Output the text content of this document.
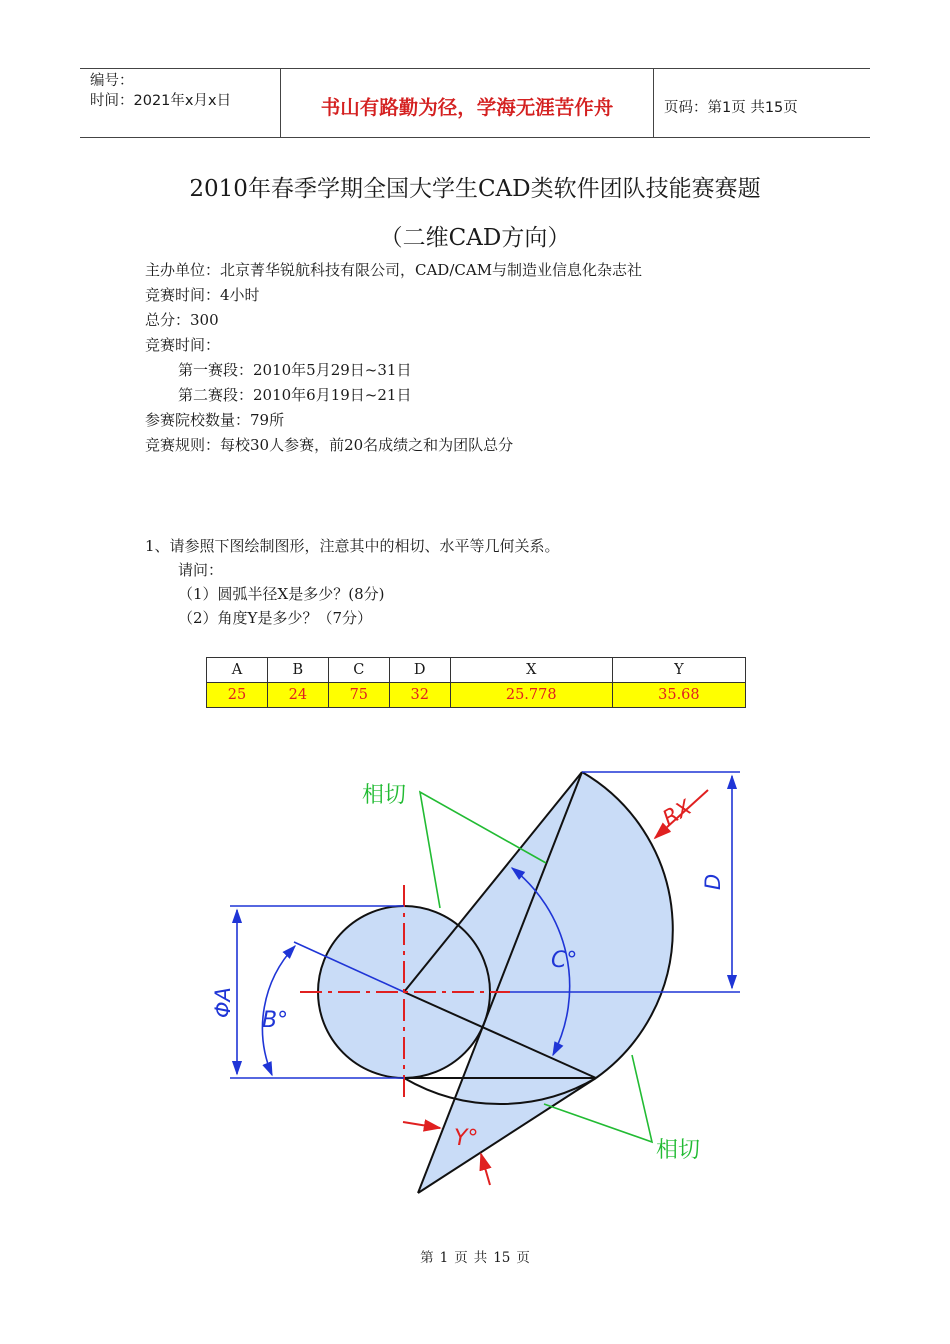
编号：
时间：2021年x月x日	书山有路勤为径，学海无涯苦作舟	页码：第1页 共15页
2010年春季学期全国大学生CAD类软件团队技能赛赛题
（二维CAD方向）
主办单位：北京菁华锐航科技有限公司，CAD/CAM与制造业信息化杂志社
竞赛时间：4小时
总分：300
竞赛时间：
第一赛段：2010年5月29日~31日
第二赛段：2010年6月19日~21日
参赛院校数量：79所
竞赛规则：每校30人参赛，前20名成绩之和为团队总分
1、请参照下图绘制图形，注意其中的相切、水平等几何关系。
请问：
（1）圆弧半径X是多少？(8分)
（2）角度Y是多少？（7分）
A	B	C	D	X	Y
25	24	75	32	25.778	35.68
相切
相切
RX
D
C°
ΦA
B°
Y°
第 1 页 共 15 页
